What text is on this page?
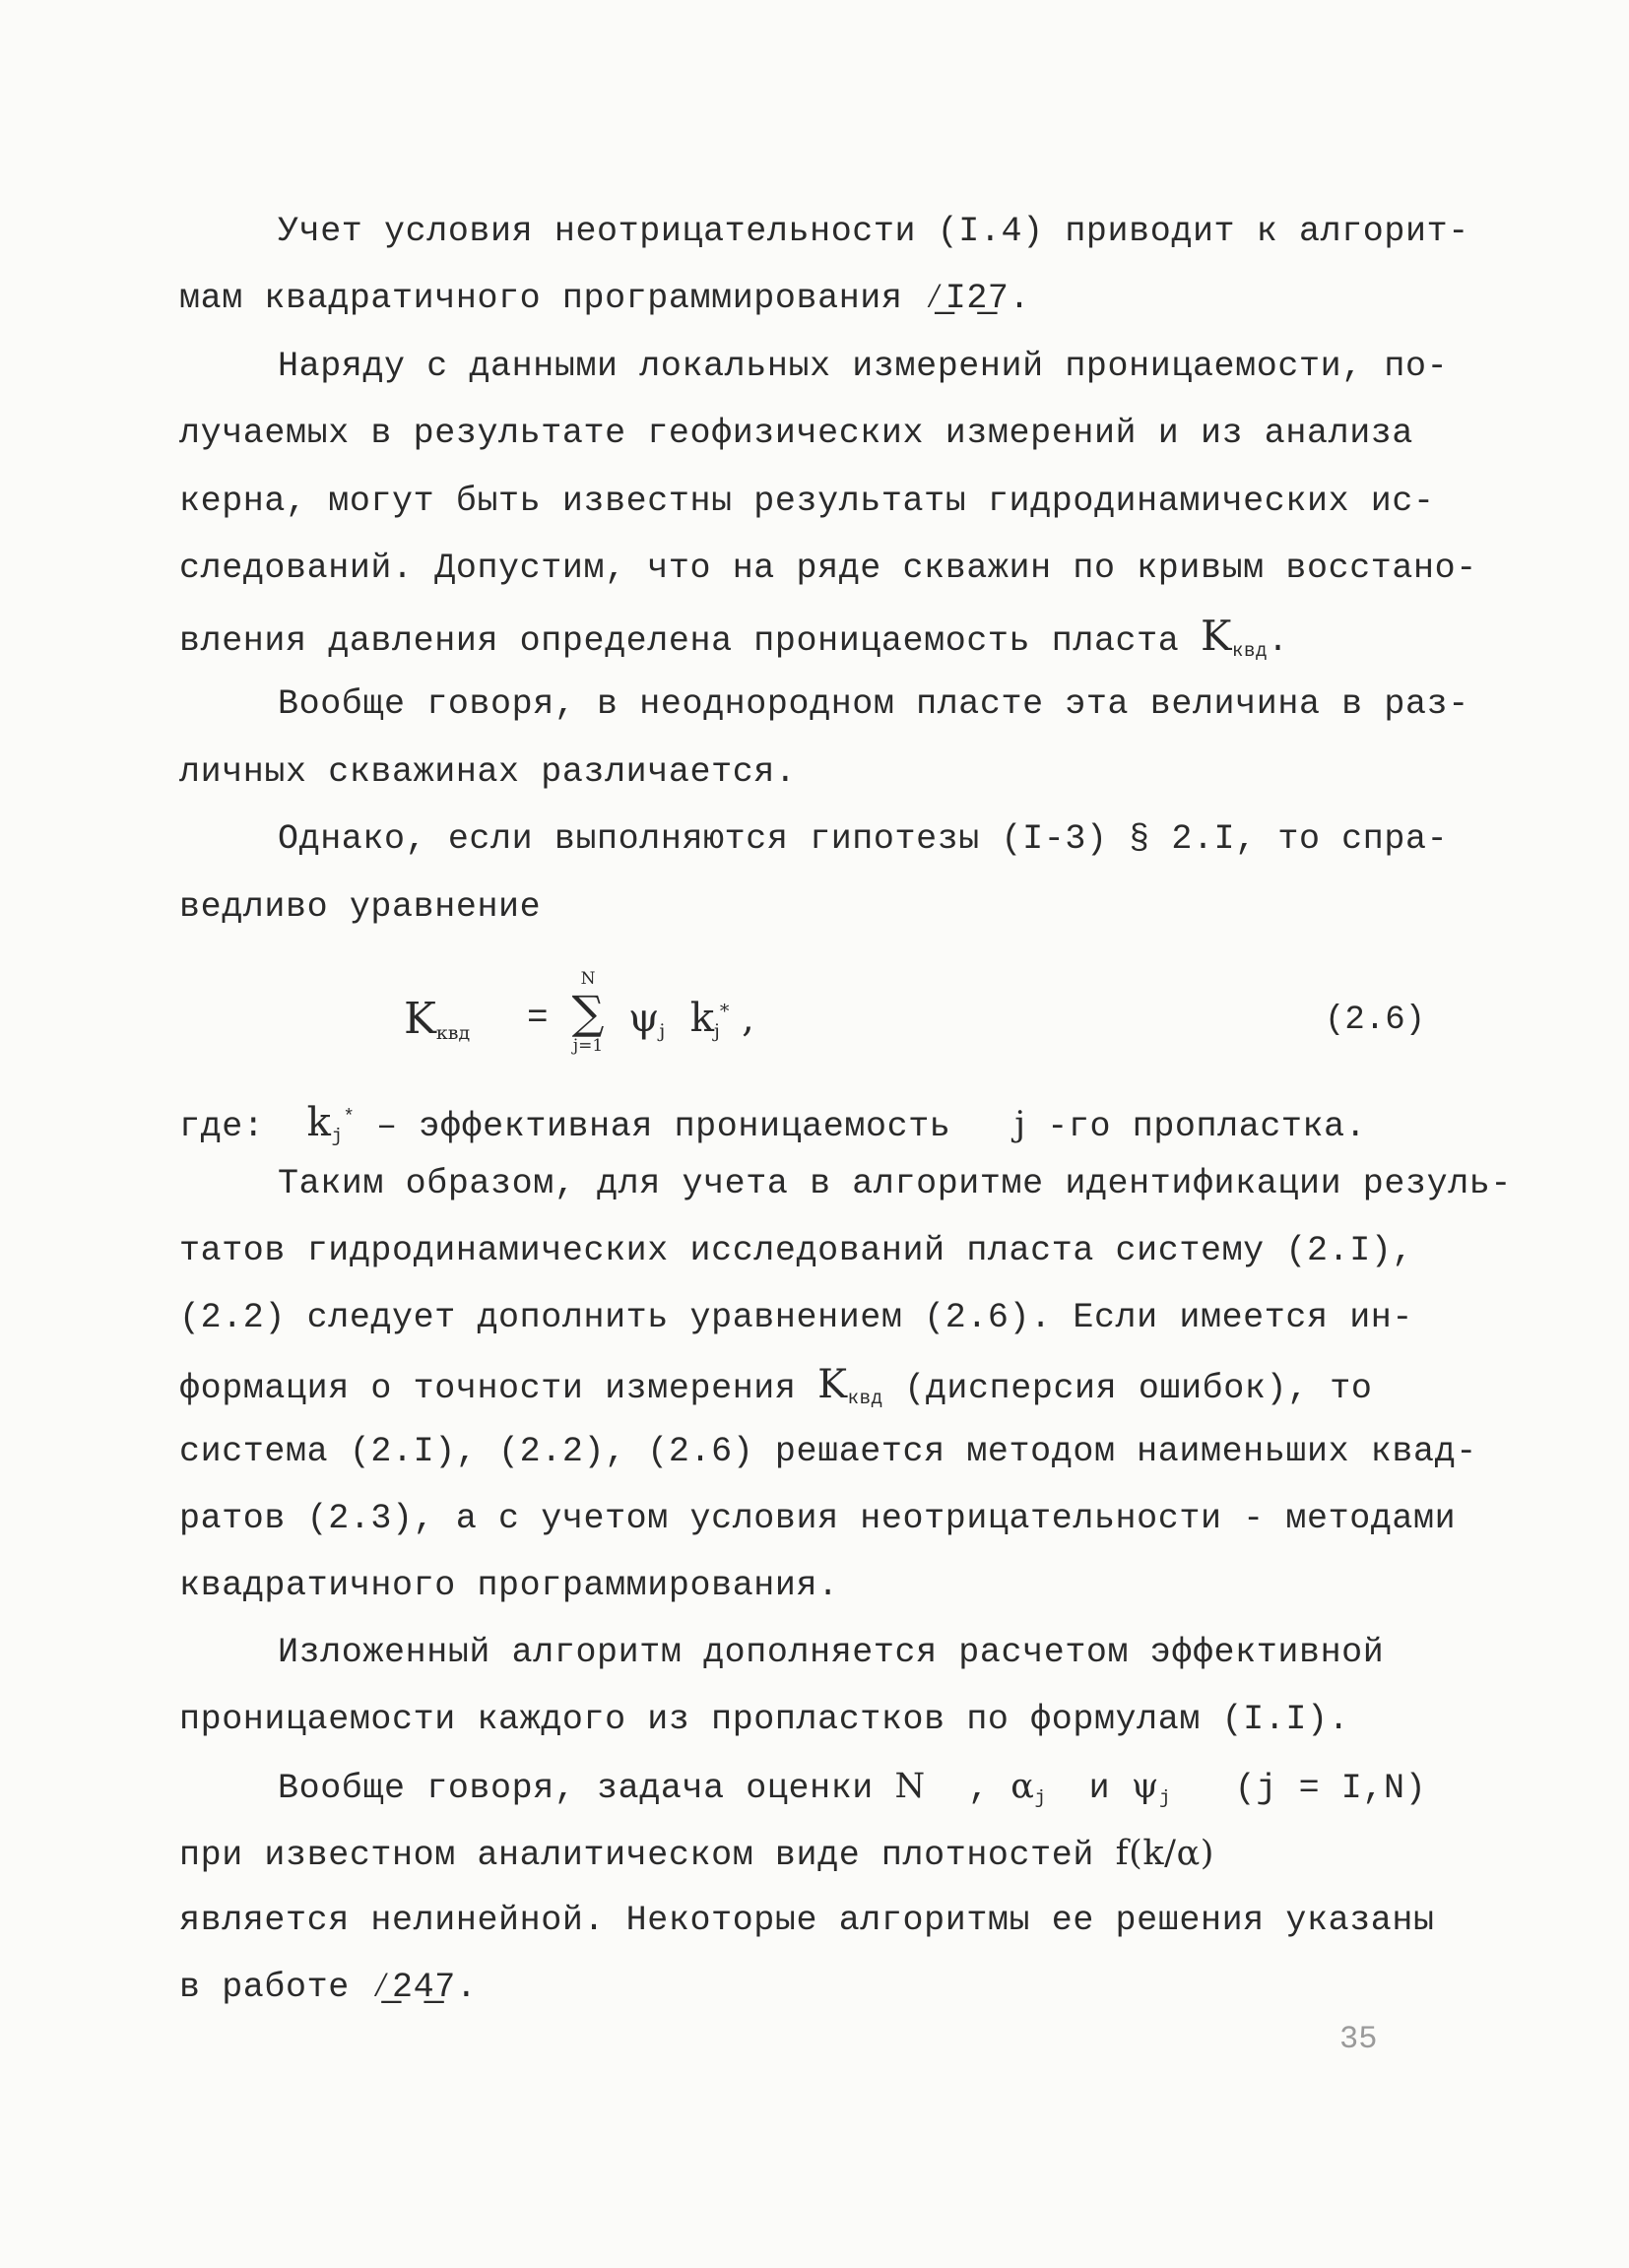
Учет условия неотрицательности (I.4) приводит к алгорит-

мам квадратичного программирования ⁄̲I2̲7.

Наряду с данными локальных измерений проницаемости, по-

лучаемых в результате геофизических измерений и из анализа

керна, могут быть известны результаты гидродинамических ис-

следований. Допустим, что на ряде скважин по кривым восстано-

вления давления определена проницаемость пласта $K_{квд}$.

Вообще говоря, в неоднородном пласте эта величина в раз-

личных скважинах различается.

Однако, если выполняются гипотезы (I-3) § 2.I, то спра-

ведливо уравнение

$K_{квд}$ =
N
∑
j=1
$\psi_j$ $k_j^*$ ,	(2.6)

где: $k_j^*$ – эффективная проницаемость j -го пропластка.

Таким образом, для учета в алгоритме идентификации резуль-

татов гидродинамических исследований пласта систему (2.I),

(2.2) следует дополнить уравнением (2.6). Если имеется ин-

формация о точности измерения $K_{квд}$ (дисперсия ошибок), то

система (2.I), (2.2), (2.6) решается методом наименьших квад-

ратов (2.3), а с учетом условия неотрицательности - методами

квадратичного программирования.

Изложенный алгоритм дополняется расчетом эффективной

проницаемости каждого из пропластков по формулам (I.I).

Вообще говоря, задача оценки N , $\alpha_j$ и $\psi_j$ (j = I,N)

при известном аналитическом виде плотностей f(k/α)

является нелинейной. Некоторые алгоритмы ее решения указаны

в работе ⁄̲24̲7.

35
